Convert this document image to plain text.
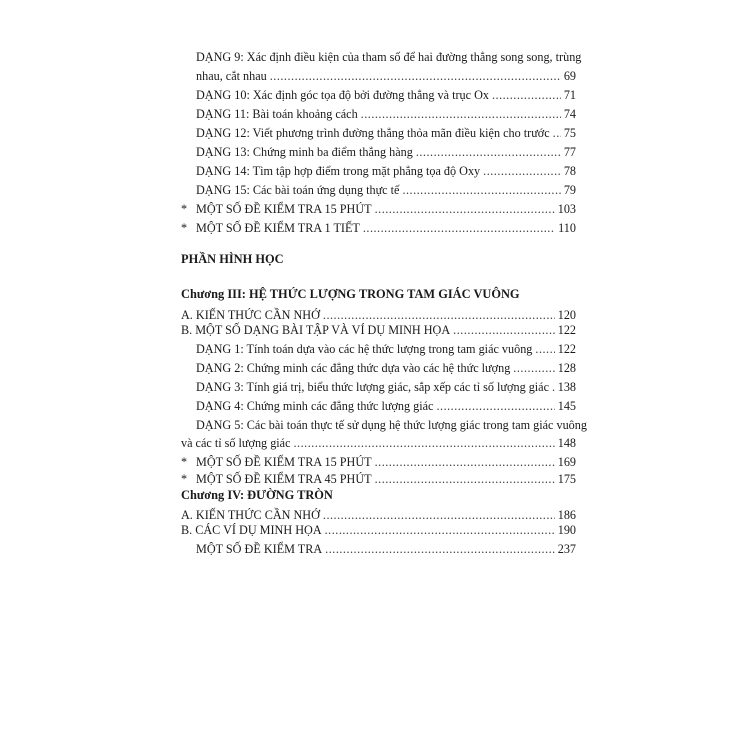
DẠNG 9: Xác định điều kiện của tham số để hai đường thẳng song song, trùng
nhau, cắt nhau .....	69
DẠNG 10: Xác định góc tọa độ bởi đường thẳng và trục Ox .....	71
DẠNG 11: Bài toán khoảng cách .....	74
DẠNG 12: Viết phương trình đường thẳng thỏa mãn điều kiện cho trước ..... 75
DẠNG 13: Chứng minh ba điểm thẳng hàng .....	77
DẠNG 14: Tìm tập hợp điểm trong mặt phẳng tọa độ Oxy .....	78
DẠNG 15: Các bài toán ứng dụng thực tế .....	79
* MỘT SỐ ĐỀ KIỂM TRA 15 PHÚT .....	103
* MỘT SỐ ĐỀ KIỂM TRA 1 TIẾT .....	110
PHẦN HÌNH HỌC
Chương III: HỆ THỨC LƯỢNG TRONG TAM GIÁC VUÔNG
A. KIẾN THỨC CẦN NHỚ .....	120
B. MỘT SỐ DẠNG BÀI TẬP VÀ VÍ DỤ MINH HỌA .....	122
DẠNG 1: Tính toán dựa vào các hệ thức lượng trong tam giác vuông ..... 122
DẠNG 2: Chứng minh các đẳng thức dựa vào các hệ thức lượng .....	128
DẠNG 3: Tính giá trị, biểu thức lượng giác, sắp xếp các tỉ số lượng giác ..... 138
DẠNG 4: Chứng minh các đẳng thức lượng giác .....	145
DẠNG 5: Các bài toán thực tế sử dụng hệ thức lượng giác trong tam giác vuông
và các tỉ số lượng giác .....	148
* MỘT SỐ ĐỀ KIỂM TRA 15 PHÚT .....	169
* MỘT SỐ ĐỀ KIỂM TRA 45 PHÚT .....	175
Chương IV: ĐƯỜNG TRÒN
A. KIẾN THỨC CẦN NHỚ .....	186
B. CÁC VÍ DỤ MINH HỌA .....	190
MỘT SỐ ĐỀ KIỂM TRA .....	237
